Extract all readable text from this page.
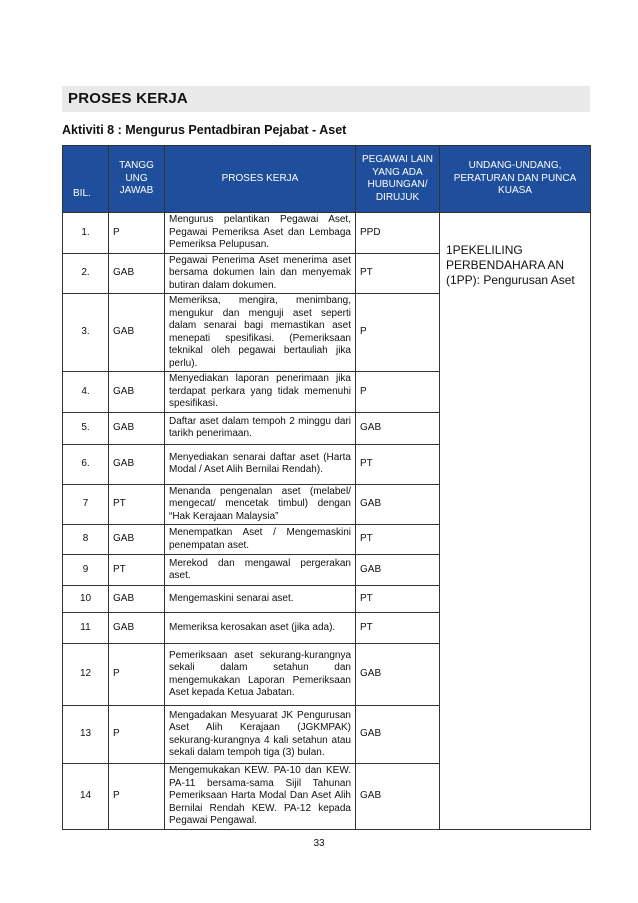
PROSES KERJA
Aktiviti 8 : Mengurus Pentadbiran Pejabat - Aset
BIL.	TANGG UNG JAWAB	PROSES KERJA	PEGAWAI LAIN YANG ADA HUBUNGAN/ DIRUJUK	UNDANG-UNDANG, PERATURAN DAN PUNCA KUASA
1.	P	Mengurus pelantikan Pegawai Aset, Pegawai Pemeriksa Aset dan Lembaga Pemeriksa Pelupusan.	PPD	1PEKELILING PERBENDAHARA AN (1PP): Pengurusan Aset
2.	GAB	Pegawai Penerima Aset menerima aset bersama dokumen lain dan menyemak butiran dalam dokumen.	PT	
3.	GAB	Memeriksa, mengira, menimbang, mengukur dan menguji aset seperti dalam senarai bagi memastikan aset menepati spesifikasi. (Pemeriksaan teknikal oleh pegawai bertauliah jika perlu).	P	
4.	GAB	Menyediakan laporan penerimaan jika terdapat perkara yang tidak memenuhi spesifikasi.	P	
5.	GAB	Daftar aset dalam tempoh 2 minggu dari tarikh penerimaan.	GAB	
6.	GAB	Menyediakan senarai daftar aset (Harta Modal / Aset Alih Bernilai Rendah).	PT	
7	PT	Menanda pengenalan aset (melabel/ mengecat/ mencetak timbul) dengan “Hak Kerajaan Malaysia”	GAB	
8	GAB	Menempatkan Aset / Mengemaskini penempatan aset.	PT	
9	PT	Merekod dan mengawal pergerakan aset.	GAB	
10	GAB	Mengemaskini senarai aset.	PT	
11	GAB	Memeriksa kerosakan aset (jika ada).	PT	
12	P	Pemeriksaan aset sekurang-kurangnya sekali dalam setahun dan mengemukakan Laporan Pemeriksaan Aset kepada Ketua Jabatan.	GAB	
13	P	Mengadakan Mesyuarat JK Pengurusan Aset Alih Kerajaan (JGKMPAK) sekurang-kurangnya 4 kali setahun atau sekali dalam tempoh tiga (3) bulan.	GAB	
14	P	Mengemukakan KEW. PA-10 dan KEW. PA-11 bersama-sama Sijil Tahunan Pemeriksaan Harta Modal Dan Aset Alih Bernilai Rendah KEW. PA-12 kepada Pegawai Pengawal.	GAB	
33
